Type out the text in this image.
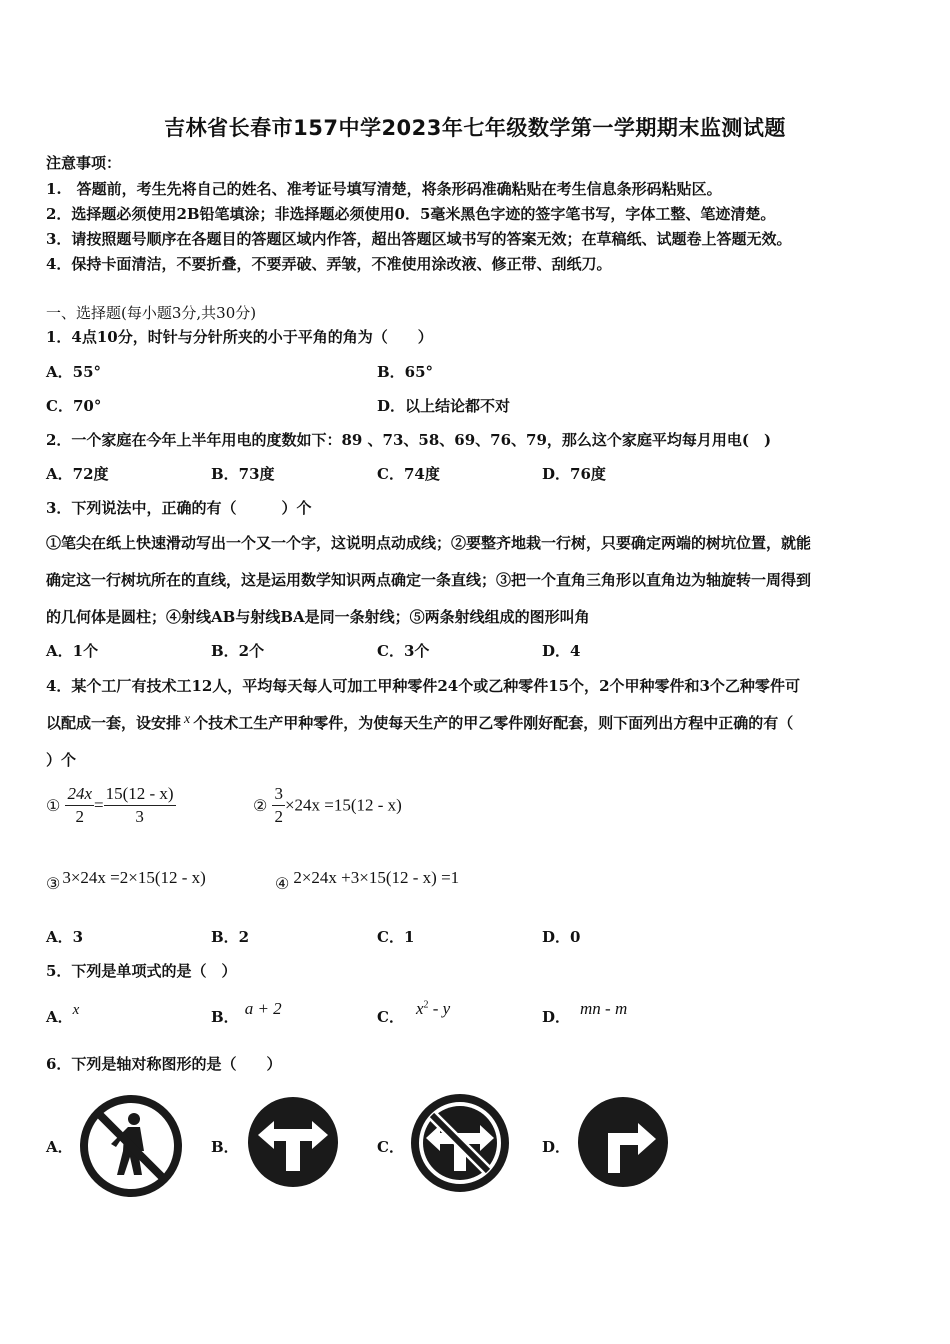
吉林省长春市157中学2023年七年级数学第一学期期末监测试题
注意事项：
1.　答题前，考生先将自己的姓名、准考证号填写清楚，将条形码准确粘贴在考生信息条形码粘贴区。
2．选择题必须使用2B铅笔填涂；非选择题必须使用0．5毫米黑色字迹的签字笔书写，字体工整、笔迹清楚。
3．请按照题号顺序在各题目的答题区域内作答，超出答题区域书写的答案无效；在草稿纸、试题卷上答题无效。
4．保持卡面清洁，不要折叠，不要弄破、弄皱，不准使用涂改液、修正带、刮纸刀。
一、选择题(每小题3分,共30分)
1．4点10分，时针与分针所夹的小于平角的角为（　　）
A．55°	B．65°
C．70°	D．以上结论都不对
2．一个家庭在今年上半年用电的度数如下：89 、73、58、69、76、79，那么这个家庭平均每月用电(　)
A．72度	B．73度	C．74度	D．76度
3．下列说法中，正确的有（　　　）个
①笔尖在纸上快速滑动写出一个又一个字，这说明点动成线；②要整齐地栽一行树，只要确定两端的树坑位置，就能
确定这一行树坑所在的直线，这是运用数学知识两点确定一条直线；③把一个直角三角形以直角边为轴旋转一周得到
的几何体是圆柱；④射线AB与射线BA是同一条射线；⑤两条射线组成的图形叫角
A．1个	B．2个	C．3个	D．4
4．某个工厂有技术工12人，平均每天每人可加工甲种零件24个或乙种零件15个，2个甲种零件和3个乙种零件可
以配成一套，设安排 x 个技术工生产甲种零件，为使每天生产的甲乙零件刚好配套，则下面列出方程中正确的有（
）个
① $\frac{24x}{2} = \frac{15(12 - x)}{3}$	② $\frac{3}{2} \times 24x =15(12 - x)$
③ 3×24x =2×15(12 - x)	④ 2×24x +3×15(12 - x) =1
A．3	B．2	C．1	D．0
5．下列是单项式的是（　）
A．x	B． a + 2	C． $x^2$ - y	D． mn - m
6．下列是轴对称图形的是（　　）
A．	B．	C．	D．
